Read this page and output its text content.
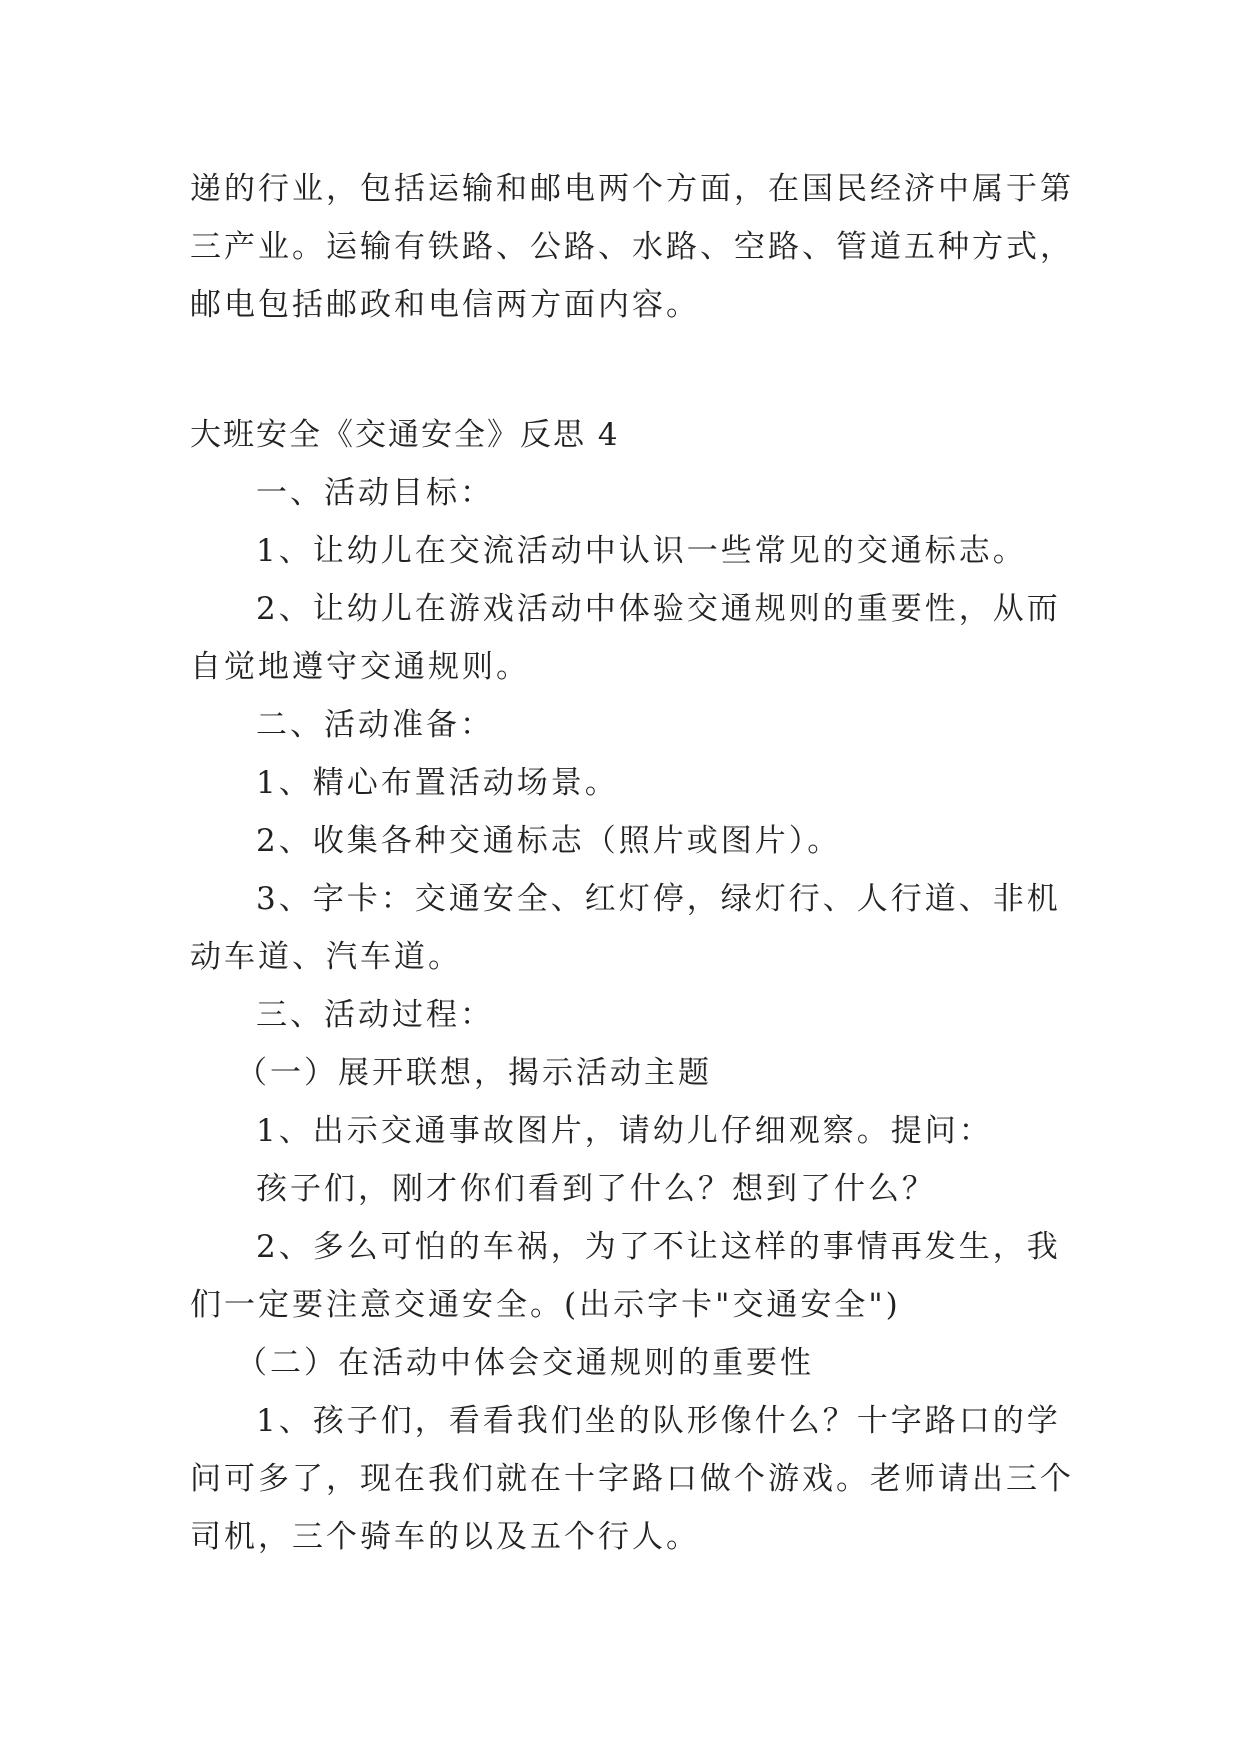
递的行业，包括运输和邮电两个方面，在国民经济中属于第

三产业。运输有铁路、公路、水路、空路、管道五种方式，

邮电包括邮政和电信两方面内容。

大班安全《交通安全》反思 4

一、活动目标：

1、让幼儿在交流活动中认识一些常见的交通标志。

2、让幼儿在游戏活动中体验交通规则的重要性，从而

自觉地遵守交通规则。

二、活动准备：

1、精心布置活动场景。

2、收集各种交通标志（照片或图片）。

3、字卡：交通安全、红灯停，绿灯行、人行道、非机

动车道、汽车道。

三、活动过程：

（一）展开联想，揭示活动主题

1、出示交通事故图片，请幼儿仔细观察。提问：

孩子们，刚才你们看到了什么？想到了什么？

2、多么可怕的车祸，为了不让这样的事情再发生，我

们一定要注意交通安全。(出示字卡"交通安全")

（二）在活动中体会交通规则的重要性

1、孩子们，看看我们坐的队形像什么？十字路口的学

问可多了，现在我们就在十字路口做个游戏。老师请出三个

司机，三个骑车的以及五个行人。
